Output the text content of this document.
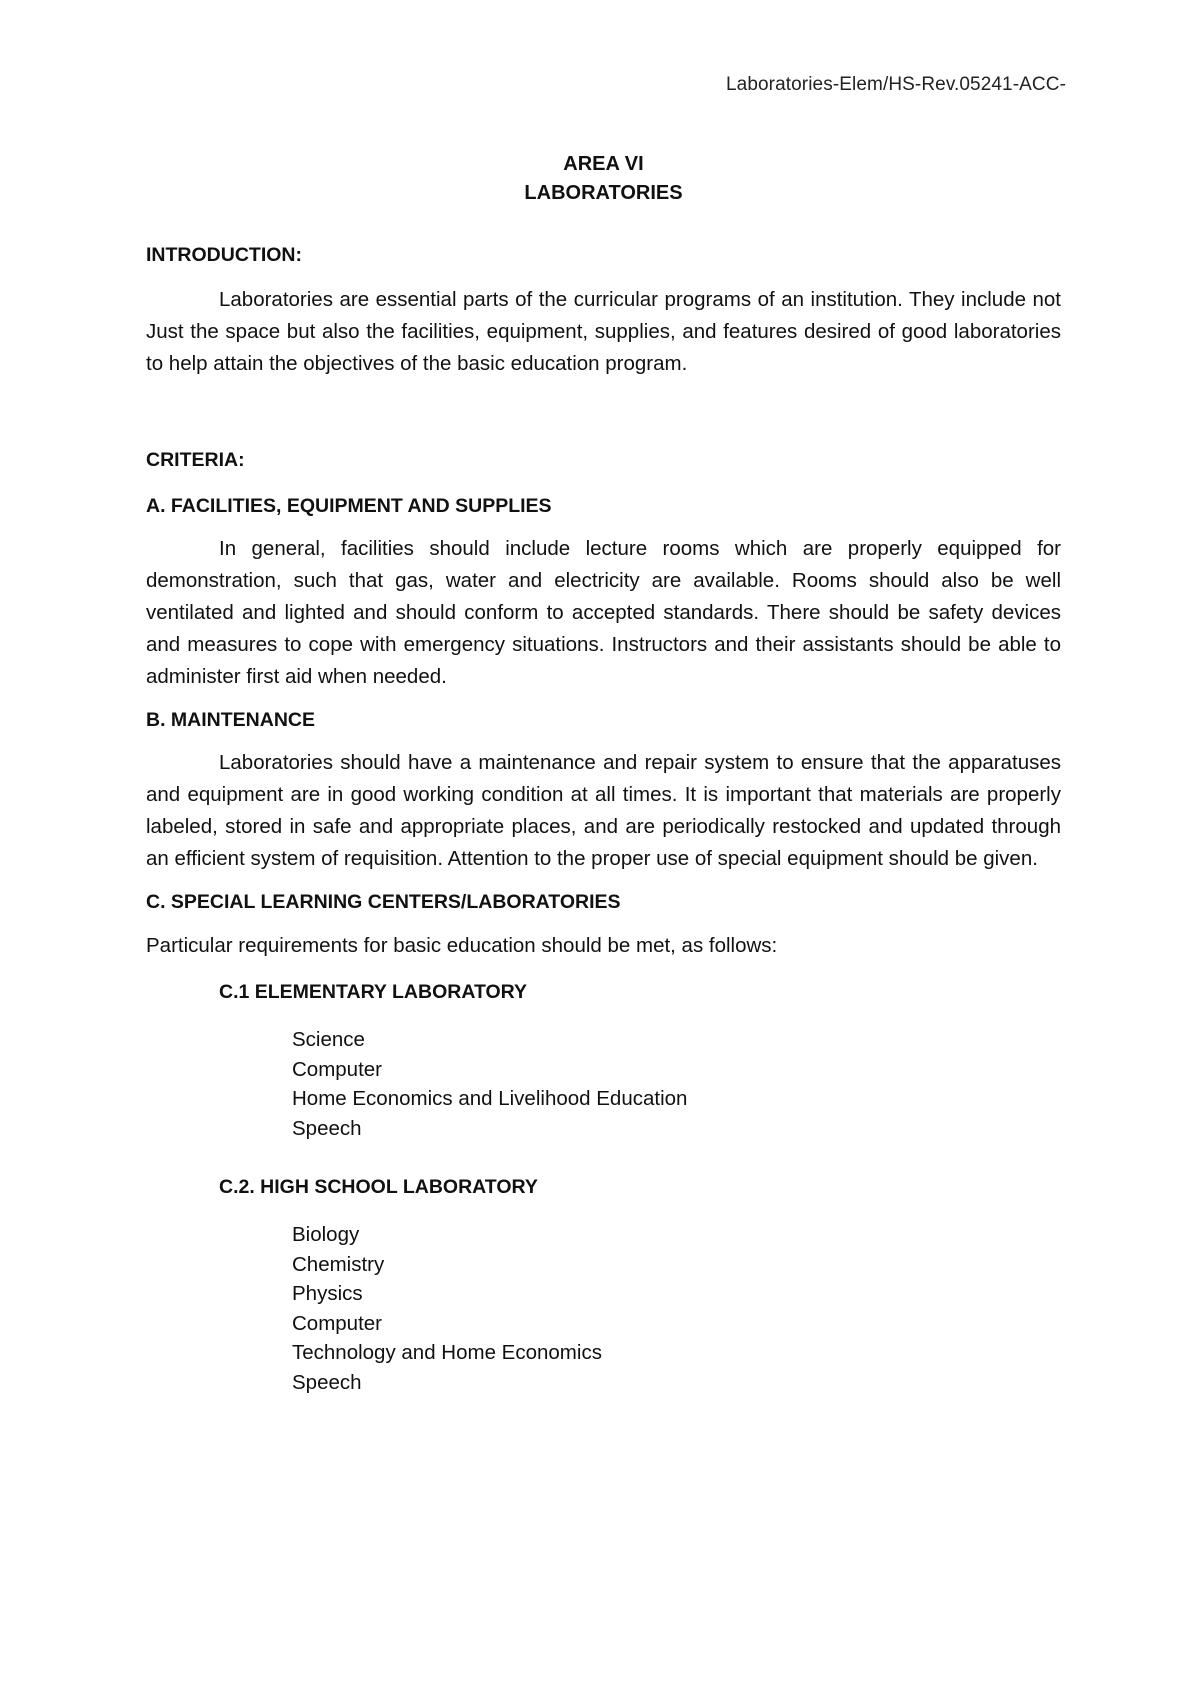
Laboratories-Elem/HS-Rev.05241-ACC-
AREA VI
LABORATORIES
INTRODUCTION:

Laboratories are essential parts of the curricular programs of an institution. They include not Just the space but also the facilities, equipment, supplies, and features desired of good laboratories to help attain the objectives of the basic education program.

CRITERIA:
A. FACILITIES, EQUIPMENT AND SUPPLIES

In general, facilities should include lecture rooms which are properly equipped for demonstration, such that gas, water and electricity are available. Rooms should also be well ventilated and lighted and should conform to accepted standards. There should be safety devices and measures to cope with emergency situations. Instructors and their assistants should be able to administer first aid when needed.

B. MAINTENANCE

Laboratories should have a maintenance and repair system to ensure that the apparatuses and equipment are in good working condition at all times. It is important that materials are properly labeled, stored in safe and appropriate places, and are periodically restocked and updated through an efficient system of requisition. Attention to the proper use of special equipment should be given.

C. SPECIAL LEARNING CENTERS/LABORATORIES

Particular requirements for basic education should be met, as follows:

C.1 ELEMENTARY LABORATORY
Science
Computer
Home Economics and Livelihood Education
Speech
C.2. HIGH SCHOOL LABORATORY
Biology
Chemistry
Physics
Computer
Technology and Home Economics
Speech
